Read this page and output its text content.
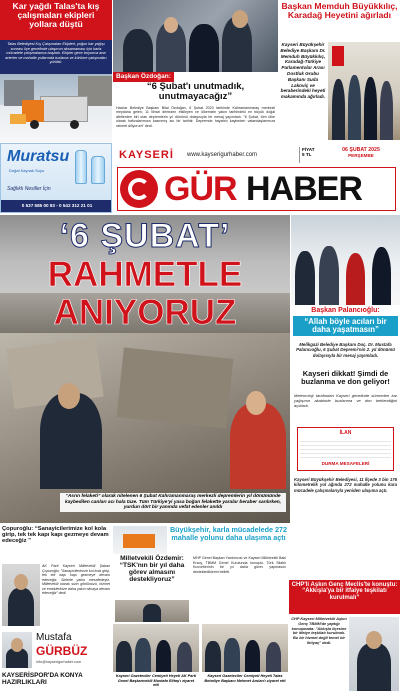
Kar yağdı Talas'ta kış çalışmaları ekipleri yollara düştü
Talas Belediyesi Kış Çalışmaları Ekipleri, yoğun kar yağışı sonrası ilçe genelinde ulaşımın aksamaması için karla mücadele çalışmalarına başladı. Ekipler gece boyunca ana arterler ve mahalle yollarında tuzlama ve kürüme çalışmaları yürüttü.
Başkan Özdoğan:
“6 Şubat'ı unutmadık, unutmayacağız”
Hacılar Belediye Başkanı Bilal Özdoğan, 6 Şubat 2023 tarihinde Kahramanmaraş merkezli meydana gelen, 11 ilimizi derinden etkileyen ve ülkemizin yakın tarihindeki en büyük doğal afetlerden biri olan depremlerin yıl dönümü dolayısıyla bir mesaj yayımladı. "6 Şubat, tüm ülke olarak hafızalarımıza kazınmış acı bir tarihtir. Depremde hayatını kaybeden vatandaşlarımıza rahmet diliyorum" dedi.
Başkan Memduh Büyükkılıç, Karadağ Heyetini ağırladı
Kayseri Büyükşehir Belediye Başkanı Dr. Memduh Büyükkılıç, Karadağ-Türkiye Parlamentolar Arası Dostluk Grubu Başkanı Suda Lakoviç ve beraberindeki heyeti makamında ağırladı.
Muratsu
Doğal Kaynak Suyu
Sağlıklı Nesiller İçin
0 537 585 00 83 - 0 542 312 21 01
KAYSERİ www.kayserigurhaber.com
FİYAT
5 TL
06 ŞUBAT 2025
PERŞEMBE
GÜR HABER
‘6 ŞUBAT’
RAHMETLE
ANIYORUZ
“Asrın felaketi” olarak nitelenen 6 Şubat Kahramanmaraş merkezli depremlerin yıl dönümünde kaybedilen canları acı hala taze. Tüm Türkiye'yi yasa boğan felakette yaralar beraber sarılırken, yurdun dört bir yanında vefat edenler anıldı
Başkan Palancıoğlu:
“Allah böyle acıları bir daha yaşatmasın”
Melikgazi Belediye Başkanı Doç. Dr. Mustafa Palancıoğlu, 6 Şubat Depremi'nin 2. yıl dönümü dolayısıyla bir mesaj yayımladı.
Kayseri dikkat! Şimdi de buzlanma ve don geliyor!
Meteoroloji tarafından Kayseri genelinde sürmeden kar yağışının akabinde buzlanma ve don beklendiğini açıkladı.
İLAN
DURMA MESAFELERİ
Kayseri Büyükşehir Belediyesi, 11 İlçede 3 bin 176 kilometrelik yol ağında 272 mahalle yolunu kara mücadele çalışmalarıyla yeniden ulaşıma açtı.
Çopuroğlu: “Sanayicilerimize kol kola girip, tek tek kapı kapı gezmeye devam edeceğiz ”
AK Parti Kayseri Milletvekili Şaban Çopuroğlu: "Sanayicilerimize kol kola girip, tek tek kapı kapı gezmeye devam edeceğiz. Sizlerle yakın mesafedeyiz. Milletvekili olarak sizin gönlünüzü, hizmet ve emeklerinize daha yakın olmaya devam edeceğiz" dedi.
Büyükşehir, karla mücadelede 272 mahalle yolunu daha ulaşıma açtı
Milletvekili Özdemir: “TSK'nın bir yıl daha görev almasını destekliyoruz”
MHP Genel Başkan Yardımcısı ve Kayseri Milletvekili Baki Ersoy, TBMM Genel Kurulunda konuştu. Türk Silahlı Kuvvetlerinin bir yıl daha görev yapmasını desteklediklerini belirtti.
Kayseri Gazeteciler Cemiyeti Heyeti AK Parti Genel Başkanvekili Mustafa Elitaş'ı ziyaret etti
Kayseri Gazeteciler Cemiyeti Heyeti Talas Belediye Başkanı Mehmet Arslan'ı ziyaret etti
CHP'li Aşkın Genç Meclis'te konuştu: “Akkışla'ya bir itfaiye teşkilatı kurulmalı”
CHP Kayseri Milletvekili Aşkın Genç TBMM'de yaptığı konuşmada: "Akkışla ilçesine bir itfaiye teşkilatı kurulmalı. Bu bir hizmet değil temel bir ihtiyaç" dedi.
Mustafa
GÜRBÜZ
info@kayserigurhaber.com
KAYSERİSPOR'DA KONYA HAZIRLIKLARI
